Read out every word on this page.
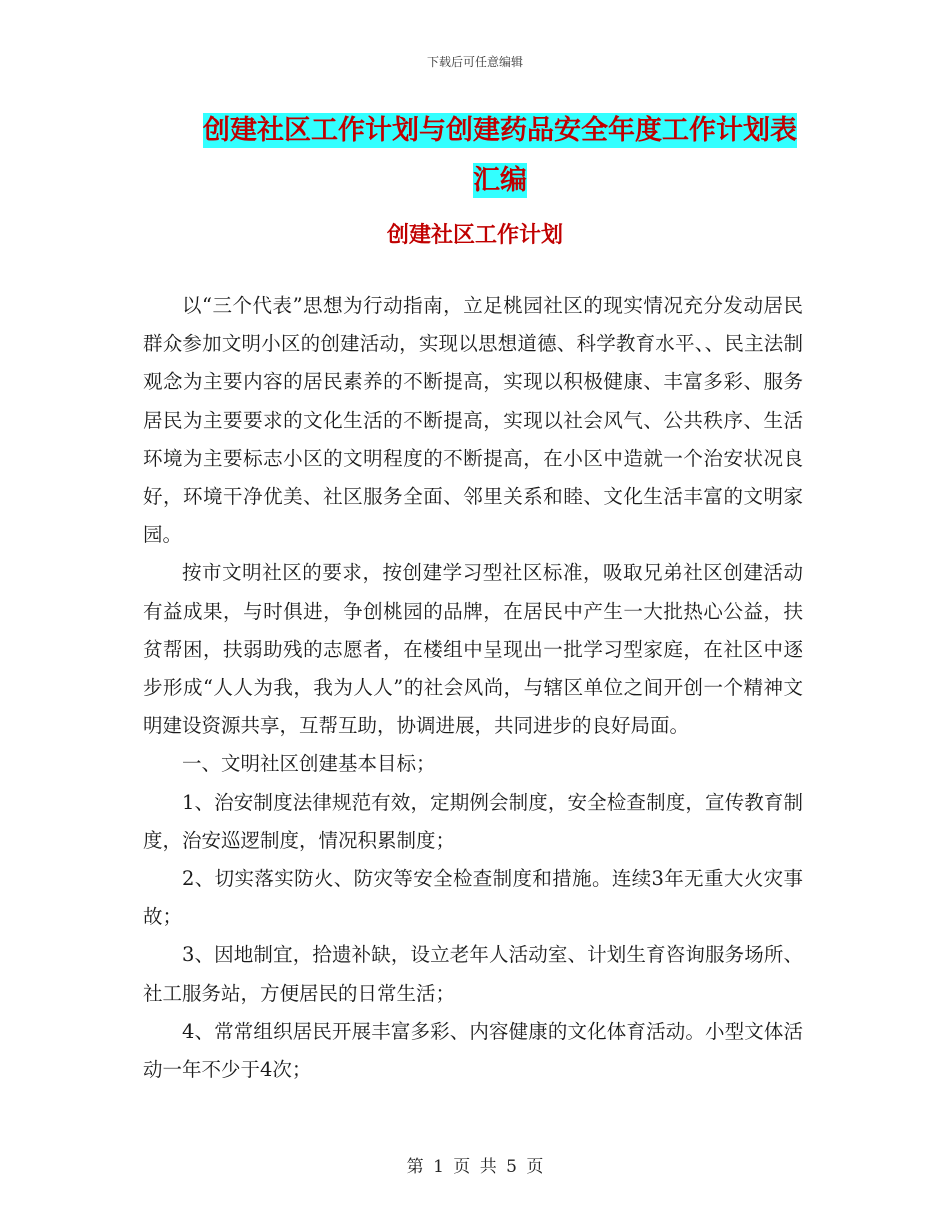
下载后可任意编辑
创建社区工作计划与创建药品安全年度工作计划表汇编
创建社区工作计划

以“三个代表”思想为行动指南，立足桃园社区的现实情况充分发动居民群众参加文明小区的创建活动，实现以思想道德、科学教育水平、、民主法制观念为主要内容的居民素养的不断提高，实现以积极健康、丰富多彩、服务居民为主要要求的文化生活的不断提高，实现以社会风气、公共秩序、生活环境为主要标志小区的文明程度的不断提高，在小区中造就一个治安状况良好，环境干净优美、社区服务全面、邻里关系和睦、文化生活丰富的文明家园。

按市文明社区的要求，按创建学习型社区标准，吸取兄弟社区创建活动有益成果，与时俱进，争创桃园的品牌，在居民中产生一大批热心公益，扶贫帮困，扶弱助残的志愿者，在楼组中呈现出一批学习型家庭，在社区中逐步形成“人人为我，我为人人”的社会风尚，与辖区单位之间开创一个精神文明建设资源共享，互帮互助，协调进展，共同进步的良好局面。

一、文明社区创建基本目标；

1、治安制度法律规范有效，定期例会制度，安全检查制度，宣传教育制度，治安巡逻制度，情况积累制度；

2、切实落实防火、防灾等安全检查制度和措施。连续3年无重大火灾事故；

3、因地制宜，拾遗补缺，设立老年人活动室、计划生育咨询服务场所、社工服务站，方便居民的日常生活；

4、常常组织居民开展丰富多彩、内容健康的文化体育活动。小型文体活动一年不少于4次；

第 1 页 共 5 页
